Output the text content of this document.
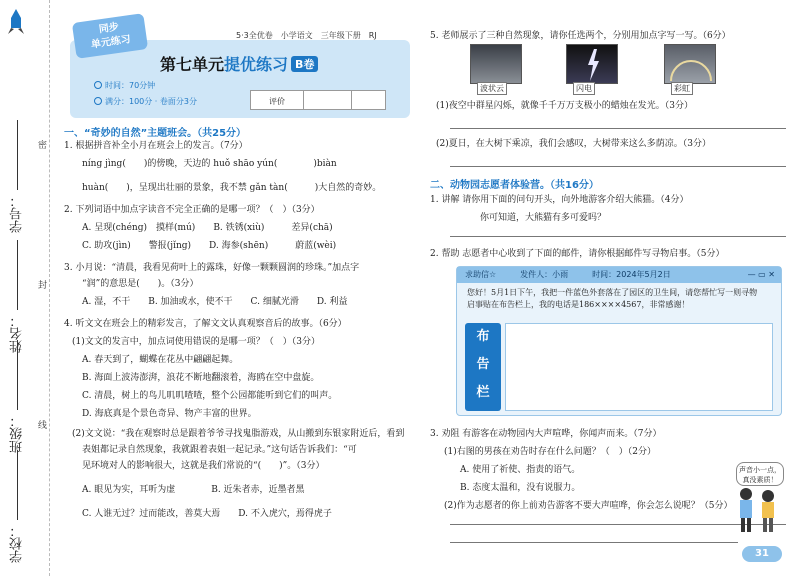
学号：
姓名：
班级：
学校：
密
封
线
5·3全优卷　小学语文　三年级下册　RJ
第七单元提优练习 B卷
时间：70分钟
满分：100分 · 卷面分3分	评价
同步
单元练习
一、“奇妙的自然”主题班会。（共25分）
1. 根据拼音补全小月在班会上的发言。（7分）
níng jìng(　　)的傍晚，天边的 huǒ shāo yún(　　　　)biàn
huàn(　　)，呈现出壮丽的景象，我不禁 gǎn tàn(　　　)大自然的奇妙。
2. 下列词语中加点字读音不完全正确的是哪一项？（　）（3分）
A. 呈现(chéng)　摸样(mú)　　B. 铁锈(xiù)　　　差异(chā)
C. 助攻(jìn)　　警报(jǐng)　　D. 海参(shēn)　　　蔚蓝(wèi)
3. 小月说：“清晨，我看见荷叶上的露珠，好像一颗颗圆润的珍珠。”加点字
“润”的意思是(　　)。（3分）
A. 湿，不干　　B. 加油或水，使不干　　C. 细腻光滑　　D. 利益
4. 听文文在班会上的精彩发言，了解文文认真观察音后的故事。（6分）
(1)文文的发言中，加点词使用错误的是哪一项？（　）（3分）
A. 春天到了，蝴蝶在花丛中翩翩起舞。
B. 海面上波涛澎湃，浪花不断地翻滚着，海鸥在空中盘旋。
C. 清晨，树上的鸟儿叽叽喳喳，整个公园都能听到它们的叫声。
D. 海底真是个景色奇异、物产丰富的世界。
(2)文文说：“我在观察时总是跟着爷爷寻找鬼脂游戏，从山搬到东银家附近后，看到
表姐都记录自然现象，我就跟着表姐一起记录。”这句话告诉我们：“可
见环境对人的影响很大，这就是我们常说的“(　　)”。（3分）
A. 眼见为实，耳听为虚　　　　B. 近朱者赤，近墨者黑
C. 人谁无过？过而能改，善莫大焉　　D. 不入虎穴，焉得虎子
5. 老师展示了三种自然现象，请你任选两个，分别用加点字写一写。（6分）
波状云	闪电	彩虹
(1)夜空中群星闪烁，就像千千万万支极小的蜡烛在发光。（3分）
(2)夏日，在大树下乘凉，我们会感叹，大树带来这么多荫凉。（3分）
二、动物园志愿者体验营。（共16分）
1. 讲解 请你用下面的问句开头，向外地游客介绍大熊猫。（4分）
你可知道，大熊猫有多可爱吗？
2. 帮助 志愿者中心收到了下面的邮件，请你根据邮件写寻物启事。（5分）
求助信☆　　　发件人：小雨　　　时间：2024年5月2日	— ▭ ✕
您好！5月1日下午，我把一件蓝色外套落在了园区的卫生间，请您帮忙写一则寻物启事贴在布告栏上，我的电话是186××××4567，非常感谢！
布
告
栏
3. 劝阻 有游客在动物园内大声喧哗，你闻声而来。（7分）
(1)右图的男孩在劝告时存在什么问题？（　）（2分）
A. 使用了祈使、指责的语气。
B. 态度太温和，没有说服力。
(2)作为志愿者的你上前劝告游客不要大声喧哗，你会怎么说呢？（5分）
声音小一点，真没素质！
31
